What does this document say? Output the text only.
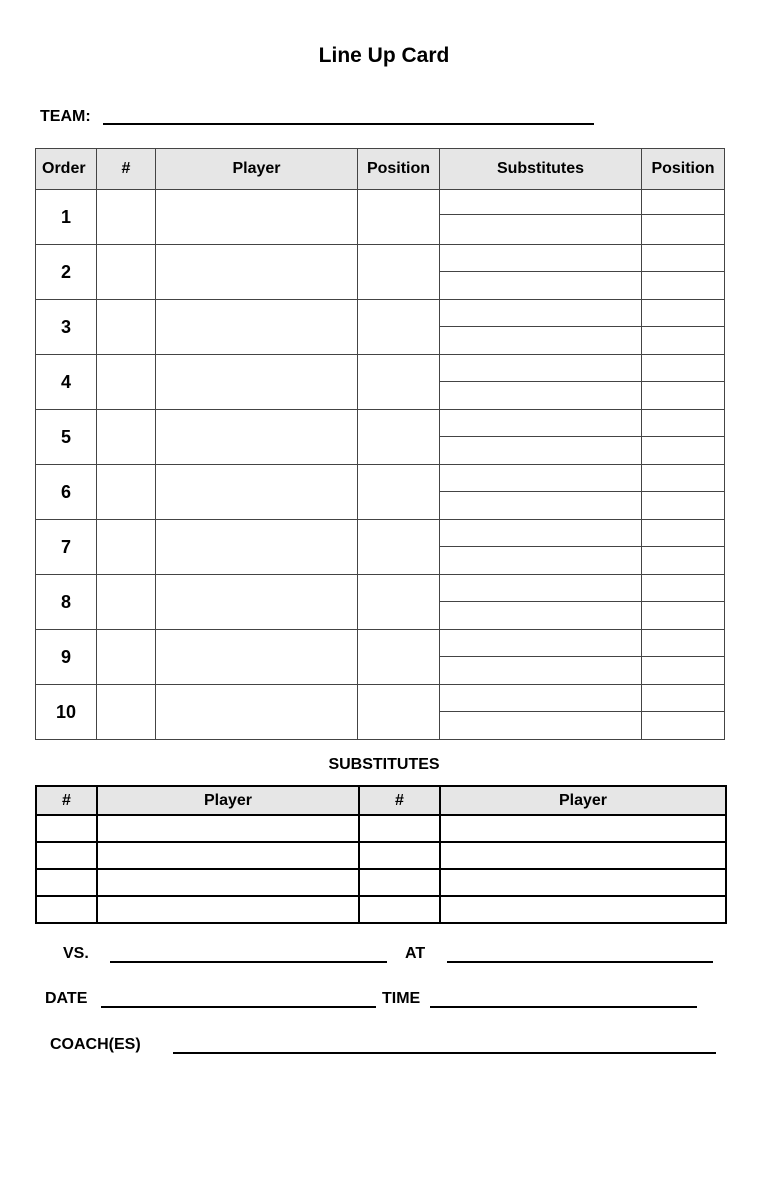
Line Up Card
TEAM:
Order	#	Player	Position	Substitutes	Position
1					

2					

3					

4					

5					

6					

7					

8					

9					

10					

SUBSTITUTES
#	Player	#	Player

VS.	AT
DATE	TIME
COACH(ES)
